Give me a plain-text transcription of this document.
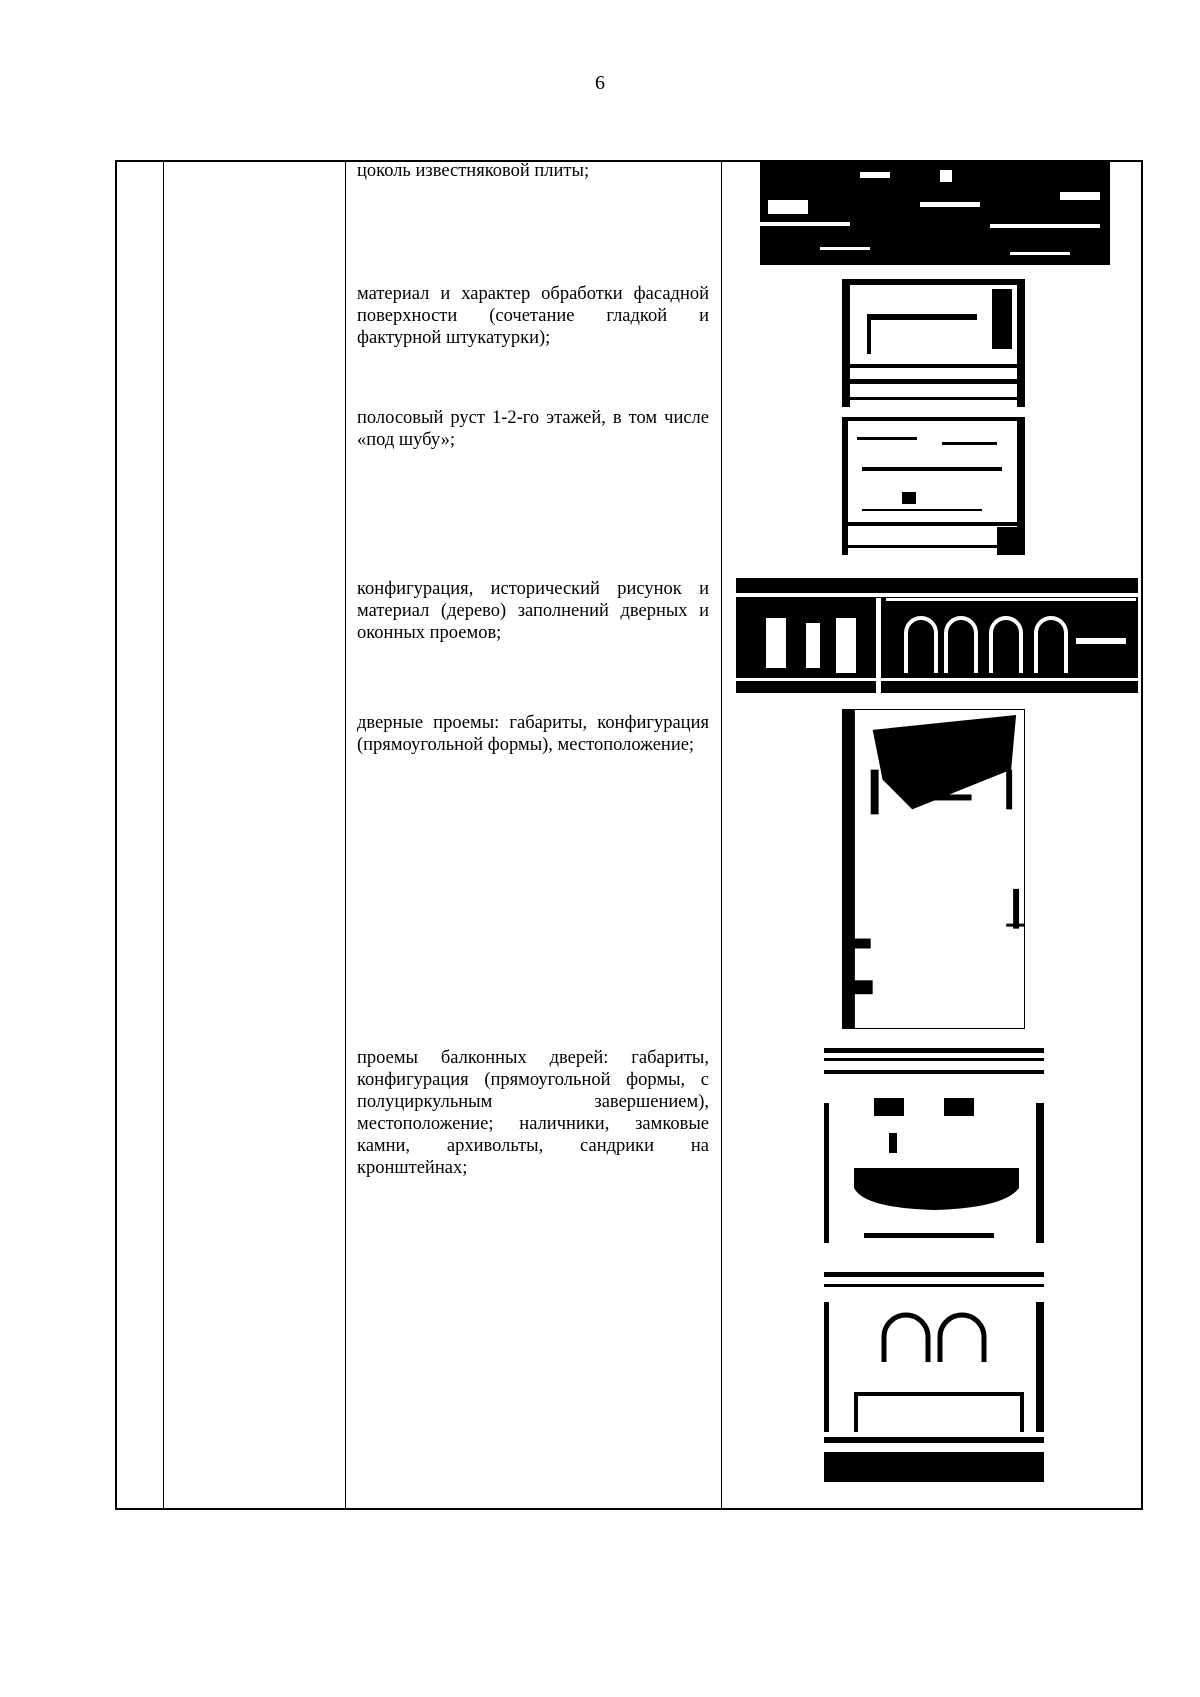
6
цоколь известняковой плиты;
материал и характер обработки фасадной поверхности (сочетание гладкой и фактурной штукатурки);
полосовый руст 1-2-го этажей, в том числе «под шубу»;
конфигурация, исторический рисунок и материал (дерево) заполнений дверных и оконных проемов;
дверные проемы: габариты, конфигурация (прямоугольной формы), местоположение;
проемы балконных дверей: габариты, конфигурация (прямоугольной формы, с полуциркульным завершением), местоположение; наличники, замковые камни, архивольты, сандрики на кронштейнах;
